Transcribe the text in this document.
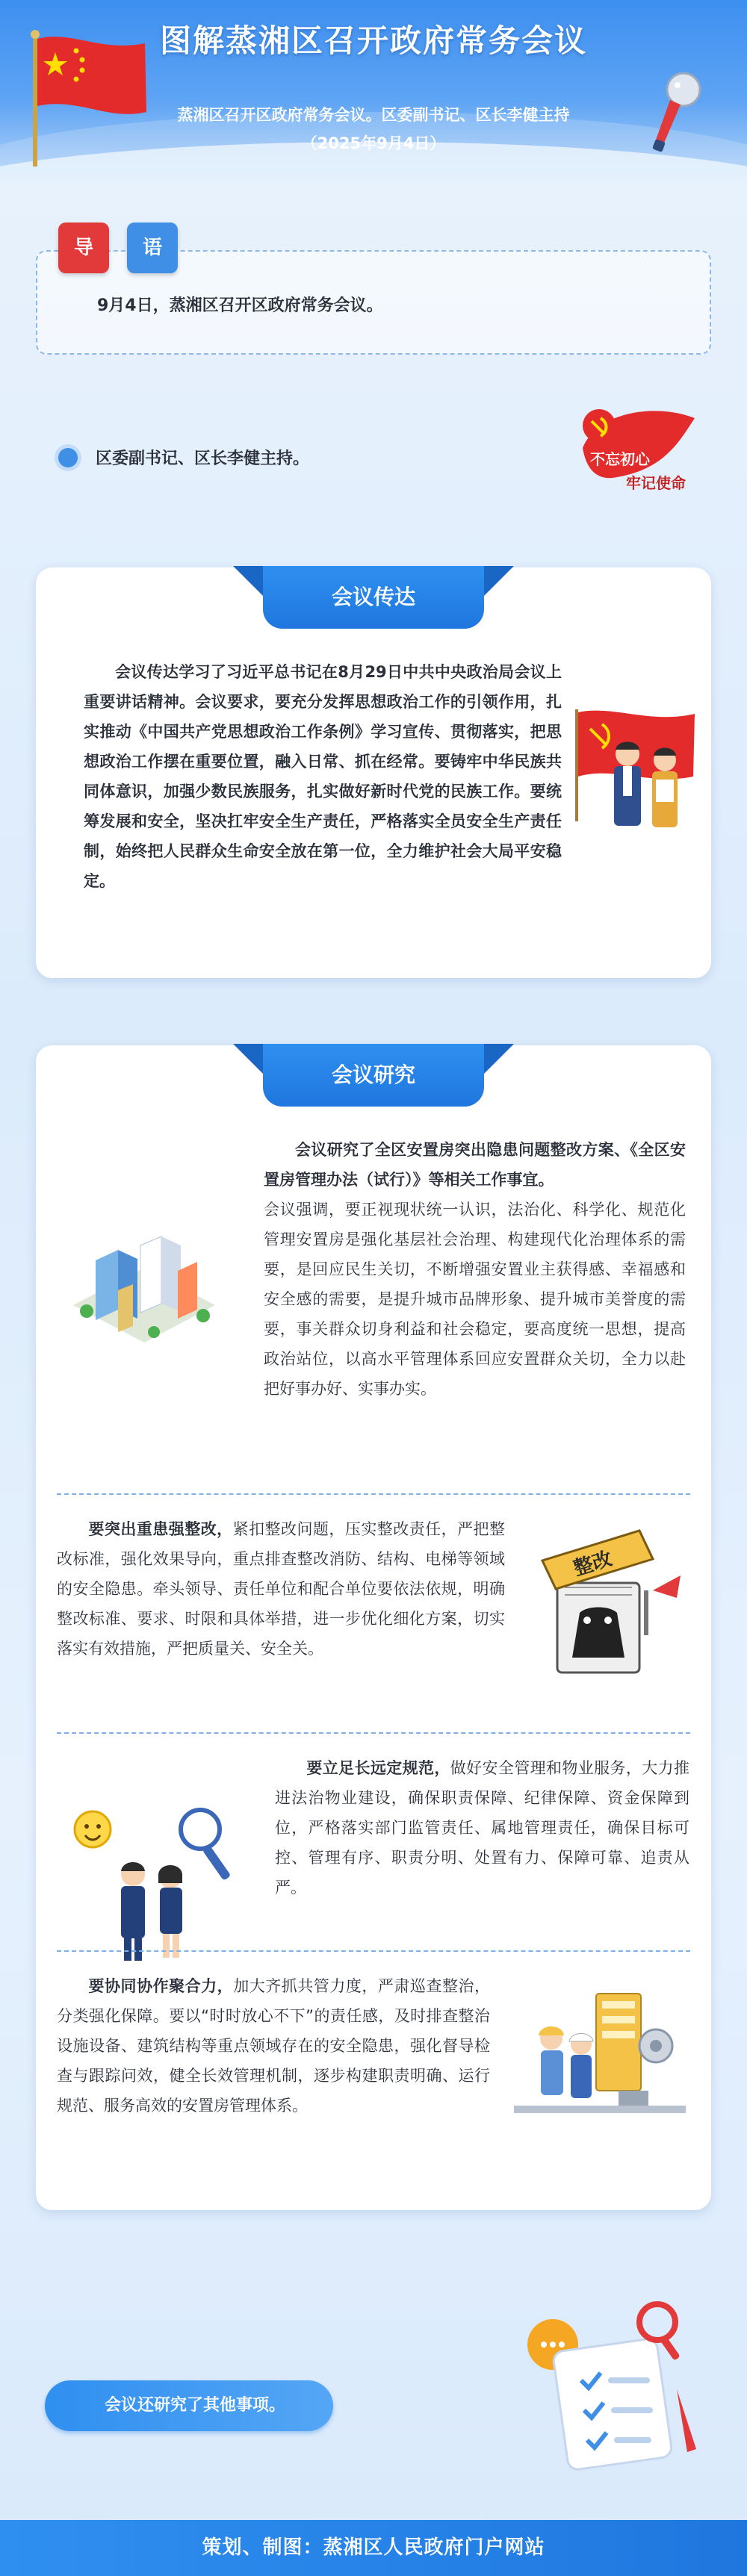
图解蒸湘区召开政府常务会议
蒸湘区召开区政府常务会议。区委副书记、区长李健主持
（2025年9月4日）
导	语
9月4日，蒸湘区召开区政府常务会议。
区委副书记、区长李健主持。	不忘初心
牢记使命
会议传达
会议传达学习了习近平总书记在8月29日中共中央政治局会议上重要讲话精神。会议要求，要充分发挥思想政治工作的引领作用，扎实推动《中国共产党思想政治工作条例》学习宣传、贯彻落实，把思想政治工作摆在重要位置，融入日常、抓在经常。要铸牢中华民族共同体意识，加强少数民族服务，扎实做好新时代党的民族工作。要统筹发展和安全，坚决扛牢安全生产责任，严格落实全员安全生产责任制，始终把人民群众生命安全放在第一位，全力维护社会大局平安稳定。
会议研究
会议研究了全区安置房突出隐患问题整改方案、《全区安置房管理办法（试行）》等相关工作事宜。
会议强调，要正视现状统一认识，法治化、科学化、规范化管理安置房是强化基层社会治理、构建现代化治理体系的需要，是回应民生关切，不断增强安置业主获得感、幸福感和安全感的需要，是提升城市品牌形象、提升城市美誉度的需要，事关群众切身利益和社会稳定，要高度统一思想，提高政治站位，以高水平管理体系回应安置群众关切，全力以赴把好事办好、实事办实。
要突出重患强整改，紧扣整改问题，压实整改责任，严把整改标准，强化效果导向，重点排查整改消防、结构、电梯等领域的安全隐患。牵头领导、责任单位和配合单位要依法依规，明确整改标准、要求、时限和具体举措，进一步优化细化方案，切实落实有效措施，严把质量关、安全关。
整改
要立足长远定规范，做好安全管理和物业服务，大力推进法治物业建设，确保职责保障、纪律保障、资金保障到位，严格落实部门监管责任、属地管理责任，确保目标可控、管理有序、职责分明、处置有力、保障可靠、追责从严。
要协同协作聚合力，加大齐抓共管力度，严肃巡查整治，分类强化保障。要以“时时放心不下”的责任感，及时排查整治设施设备、建筑结构等重点领域存在的安全隐患，强化督导检查与跟踪问效，健全长效管理机制，逐步构建职责明确、运行规范、服务高效的安置房管理体系。
会议还研究了其他事项。
策划、制图：蒸湘区人民政府门户网站
